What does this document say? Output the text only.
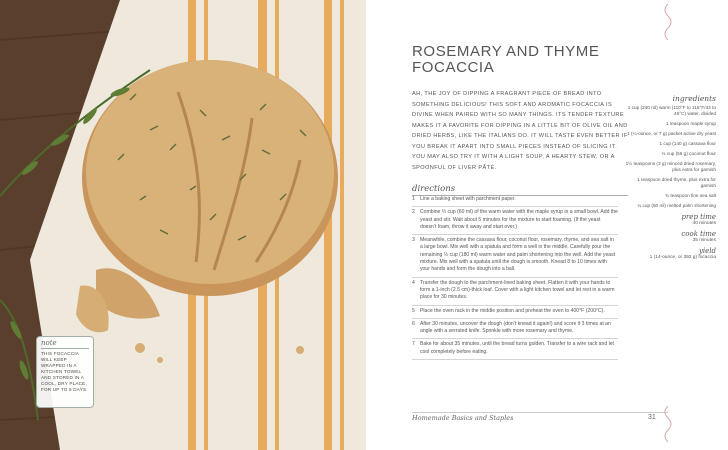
note
THIS FOCACCIA WILL KEEP WRAPPED IN A KITCHEN TOWEL AND STORED IN A COOL, DRY PLACE, FOR UP TO 5 DAYS.
ROSEMARY AND THYME FOCACCIA

AH, THE JOY OF DIPPING A FRAGRANT PIECE OF BREAD INTO SOMETHING DELICIOUS! THIS SOFT AND AROMATIC FOCACCIA IS DIVINE WHEN PAIRED WITH SO MANY THINGS. ITS TENDER TEXTURE MAKES IT A FAVORITE FOR DIPPING IN A LITTLE BIT OF OLIVE OIL AND DRIED HERBS, LIKE THE ITALIANS DO. IT WILL TASTE EVEN BETTER IF YOU BREAK IT APART INTO SMALL PIECES INSTEAD OF SLICING IT. YOU MAY ALSO TRY IT WITH A LIGHT SOUP, A HEARTY STEW, OR A SPOONFUL OF LIVER PÂTÉ.

directions
1 Line a baking sheet with parchment paper.
2 Combine ⅔ cup (60 ml) of the warm water with the maple syrup in a small bowl. Add the yeast and stir. Wait about 5 minutes for the mixture to start foaming. (If the yeast doesn’t foam, throw it away and start over.)
3 Meanwhile, combine the cassava flour, coconut flour, rosemary, thyme, and sea salt in a large bowl. Mix well with a spatula and form a well in the middle. Carefully pour the remaining ½ cup (180 ml) warm water and palm shortening into the well. Add the yeast mixture. Mix well with a spatula until the dough is smooth. Knead 8 to 10 times with your hands and form the dough into a ball.
4 Transfer the dough to the parchment-lined baking sheet. Flatten it with your hands to form a 1-inch (2.5 cm)-thick loaf. Cover with a light kitchen towel and let rest in a warm place for 30 minutes.
5 Place the oven rack in the middle position and preheat the oven to 400°F (200°C).
6 After 30 minutes, uncover the dough (don’t knead it again!) and score it 3 times at an angle with a serrated knife. Sprinkle with more rosemary and thyme.
7 Bake for about 35 minutes, until the bread turns golden. Transfer to a wire rack and let cool completely before eating.
ingredients
1 cup (240 ml) warm (110°F to 115°F/43 to 46°C) water, divided
1 teaspoon maple syrup
1 (¼-ounce, or 7 g) packet active dry yeast
1 cup (140 g) cassava flour
⅓ cup (56 g) coconut flour
1½ teaspoons (3 g) minced dried rosemary, plus extra for garnish
1 teaspoon dried thyme, plus extra for garnish
¾ teaspoon fine sea salt
¼ cup (60 ml) melted palm shortening
prep time
40 minutes
cook time
35 minutes
yield
1 (14-ounce, or 392 g) focaccia
Homemade Basics and Staples	31
